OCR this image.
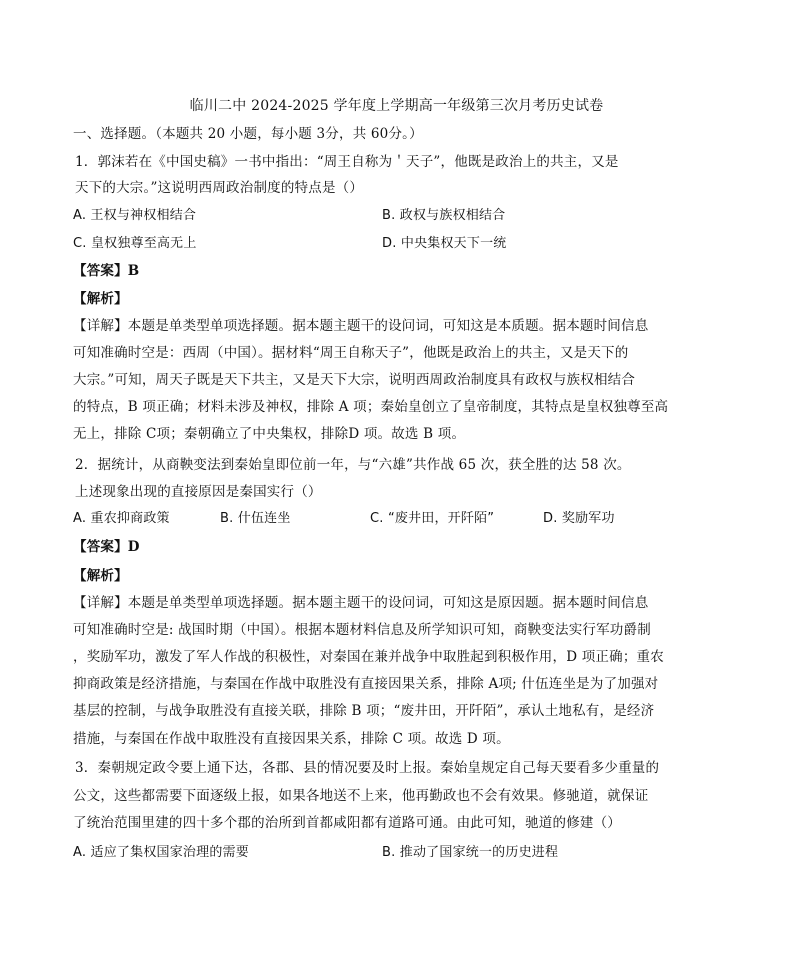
临川二中 2024-2025 学年度上学期高一年级第三次月考历史试卷
一、选择题。（本题共 20 小题，每小题 3分，共 60分。）
1．郭沫若在《中国史稿》一书中指出：“周王自称为＇天子”，他既是政治上的共主，又是
天下的大宗。”这说明西周政治制度的特点是（）
A. 王权与神权相结合	B. 政权与族权相结合
C. 皇权独尊至高无上	D. 中央集权天下一统
【答案】B
【解析】
【详解】本题是单类型单项选择题。据本题主题干的设问词，可知这是本质题。据本题时间信息
可知准确时空是：西周（中国）。据材料“周王自称天子”，他既是政治上的共主，又是天下的
大宗。”可知，周天子既是天下共主，又是天下大宗，说明西周政治制度具有政权与族权相结合
的特点，B 项正确；材料未涉及神权，排除 A 项；秦始皇创立了皇帝制度，其特点是皇权独尊至高
无上，排除 C项；秦朝确立了中央集权，排除D 项。故选 B 项。
2．据统计，从商鞅变法到秦始皇即位前一年，与“六雄”共作战 65 次，获全胜的达 58 次。
上述现象出现的直接原因是秦国实行（）
A. 重农抑商政策	B. 什伍连坐	C. “废井田，开阡陌”	D. 奖励军功
【答案】D
【解析】
【详解】本题是单类型单项选择题。据本题主题干的设问词，可知这是原因题。据本题时间信息
可知准确时空是: 战国时期（中国）。根据本题材料信息及所学知识可知，商鞅变法实行军功爵制
，奖励军功，激发了军人作战的积极性，对秦国在兼并战争中取胜起到积极作用，D 项正确；重农
抑商政策是经济措施，与秦国在作战中取胜没有直接因果关系，排除 A项; 什伍连坐是为了加强对
基层的控制，与战争取胜没有直接关联，排除 B 项；“废井田，开阡陌”，承认土地私有，是经济
措施，与秦国在作战中取胜没有直接因果关系，排除 C 项。故选 D 项。
3．秦朝规定政令要上通下达，各郡、县的情况要及时上报。秦始皇规定自己每天要看多少重量的
公文，这些都需要下面逐级上报，如果各地送不上来，他再勤政也不会有效果。修驰道，就保证
了统治范围里建的四十多个郡的治所到首都咸阳都有道路可通。由此可知，驰道的修建（）
A. 适应了集权国家治理的需要	B. 推动了国家统一的历史进程
